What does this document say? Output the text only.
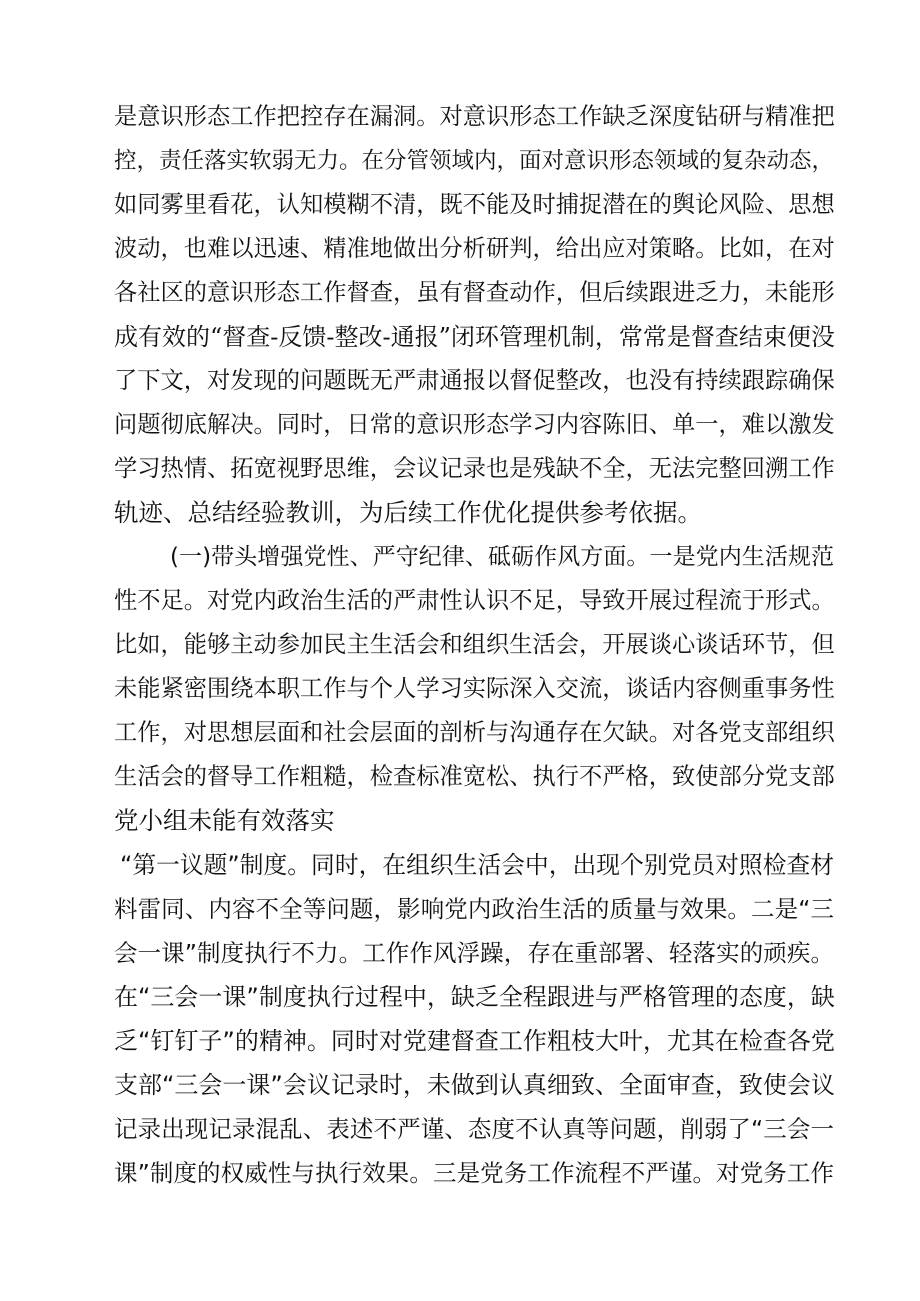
是意识形态工作把控存在漏洞。对意识形态工作缺乏深度钻研与精准把

控，责任落实软弱无力。在分管领域内，面对意识形态领域的复杂动态，

如同雾里看花，认知模糊不清，既不能及时捕捉潜在的舆论风险、思想

波动，也难以迅速、精准地做出分析研判，给出应对策略。比如，在对

各社区的意识形态工作督查，虽有督查动作，但后续跟进乏力，未能形

成有效的“督查-反馈-整改-通报”闭环管理机制，常常是督查结束便没

了下文，对发现的问题既无严肃通报以督促整改，也没有持续跟踪确保

问题彻底解决。同时，日常的意识形态学习内容陈旧、单一，难以激发

学习热情、拓宽视野思维，会议记录也是残缺不全，无法完整回溯工作

轨迹、总结经验教训，为后续工作优化提供参考依据。

(一)带头增强党性、严守纪律、砥砺作风方面。一是党内生活规范

性不足。对党内政治生活的严肃性认识不足，导致开展过程流于形式。

比如，能够主动参加民主生活会和组织生活会，开展谈心谈话环节，但

未能紧密围绕本职工作与个人学习实际深入交流，谈话内容侧重事务性

工作，对思想层面和社会层面的剖析与沟通存在欠缺。对各党支部组织

生活会的督导工作粗糙，检查标准宽松、执行不严格，致使部分党支部

党小组未能有效落实

“第一议题”制度。同时，在组织生活会中，出现个别党员对照检查材

料雷同、内容不全等问题，影响党内政治生活的质量与效果。二是“三

会一课”制度执行不力。工作作风浮躁，存在重部署、轻落实的顽疾。

在“三会一课”制度执行过程中，缺乏全程跟进与严格管理的态度，缺

乏“钉钉子”的精神。同时对党建督查工作粗枝大叶，尤其在检查各党

支部“三会一课”会议记录时，未做到认真细致、全面审查，致使会议

记录出现记录混乱、表述不严谨、态度不认真等问题，削弱了“三会一

课”制度的权威性与执行效果。三是党务工作流程不严谨。对党务工作
